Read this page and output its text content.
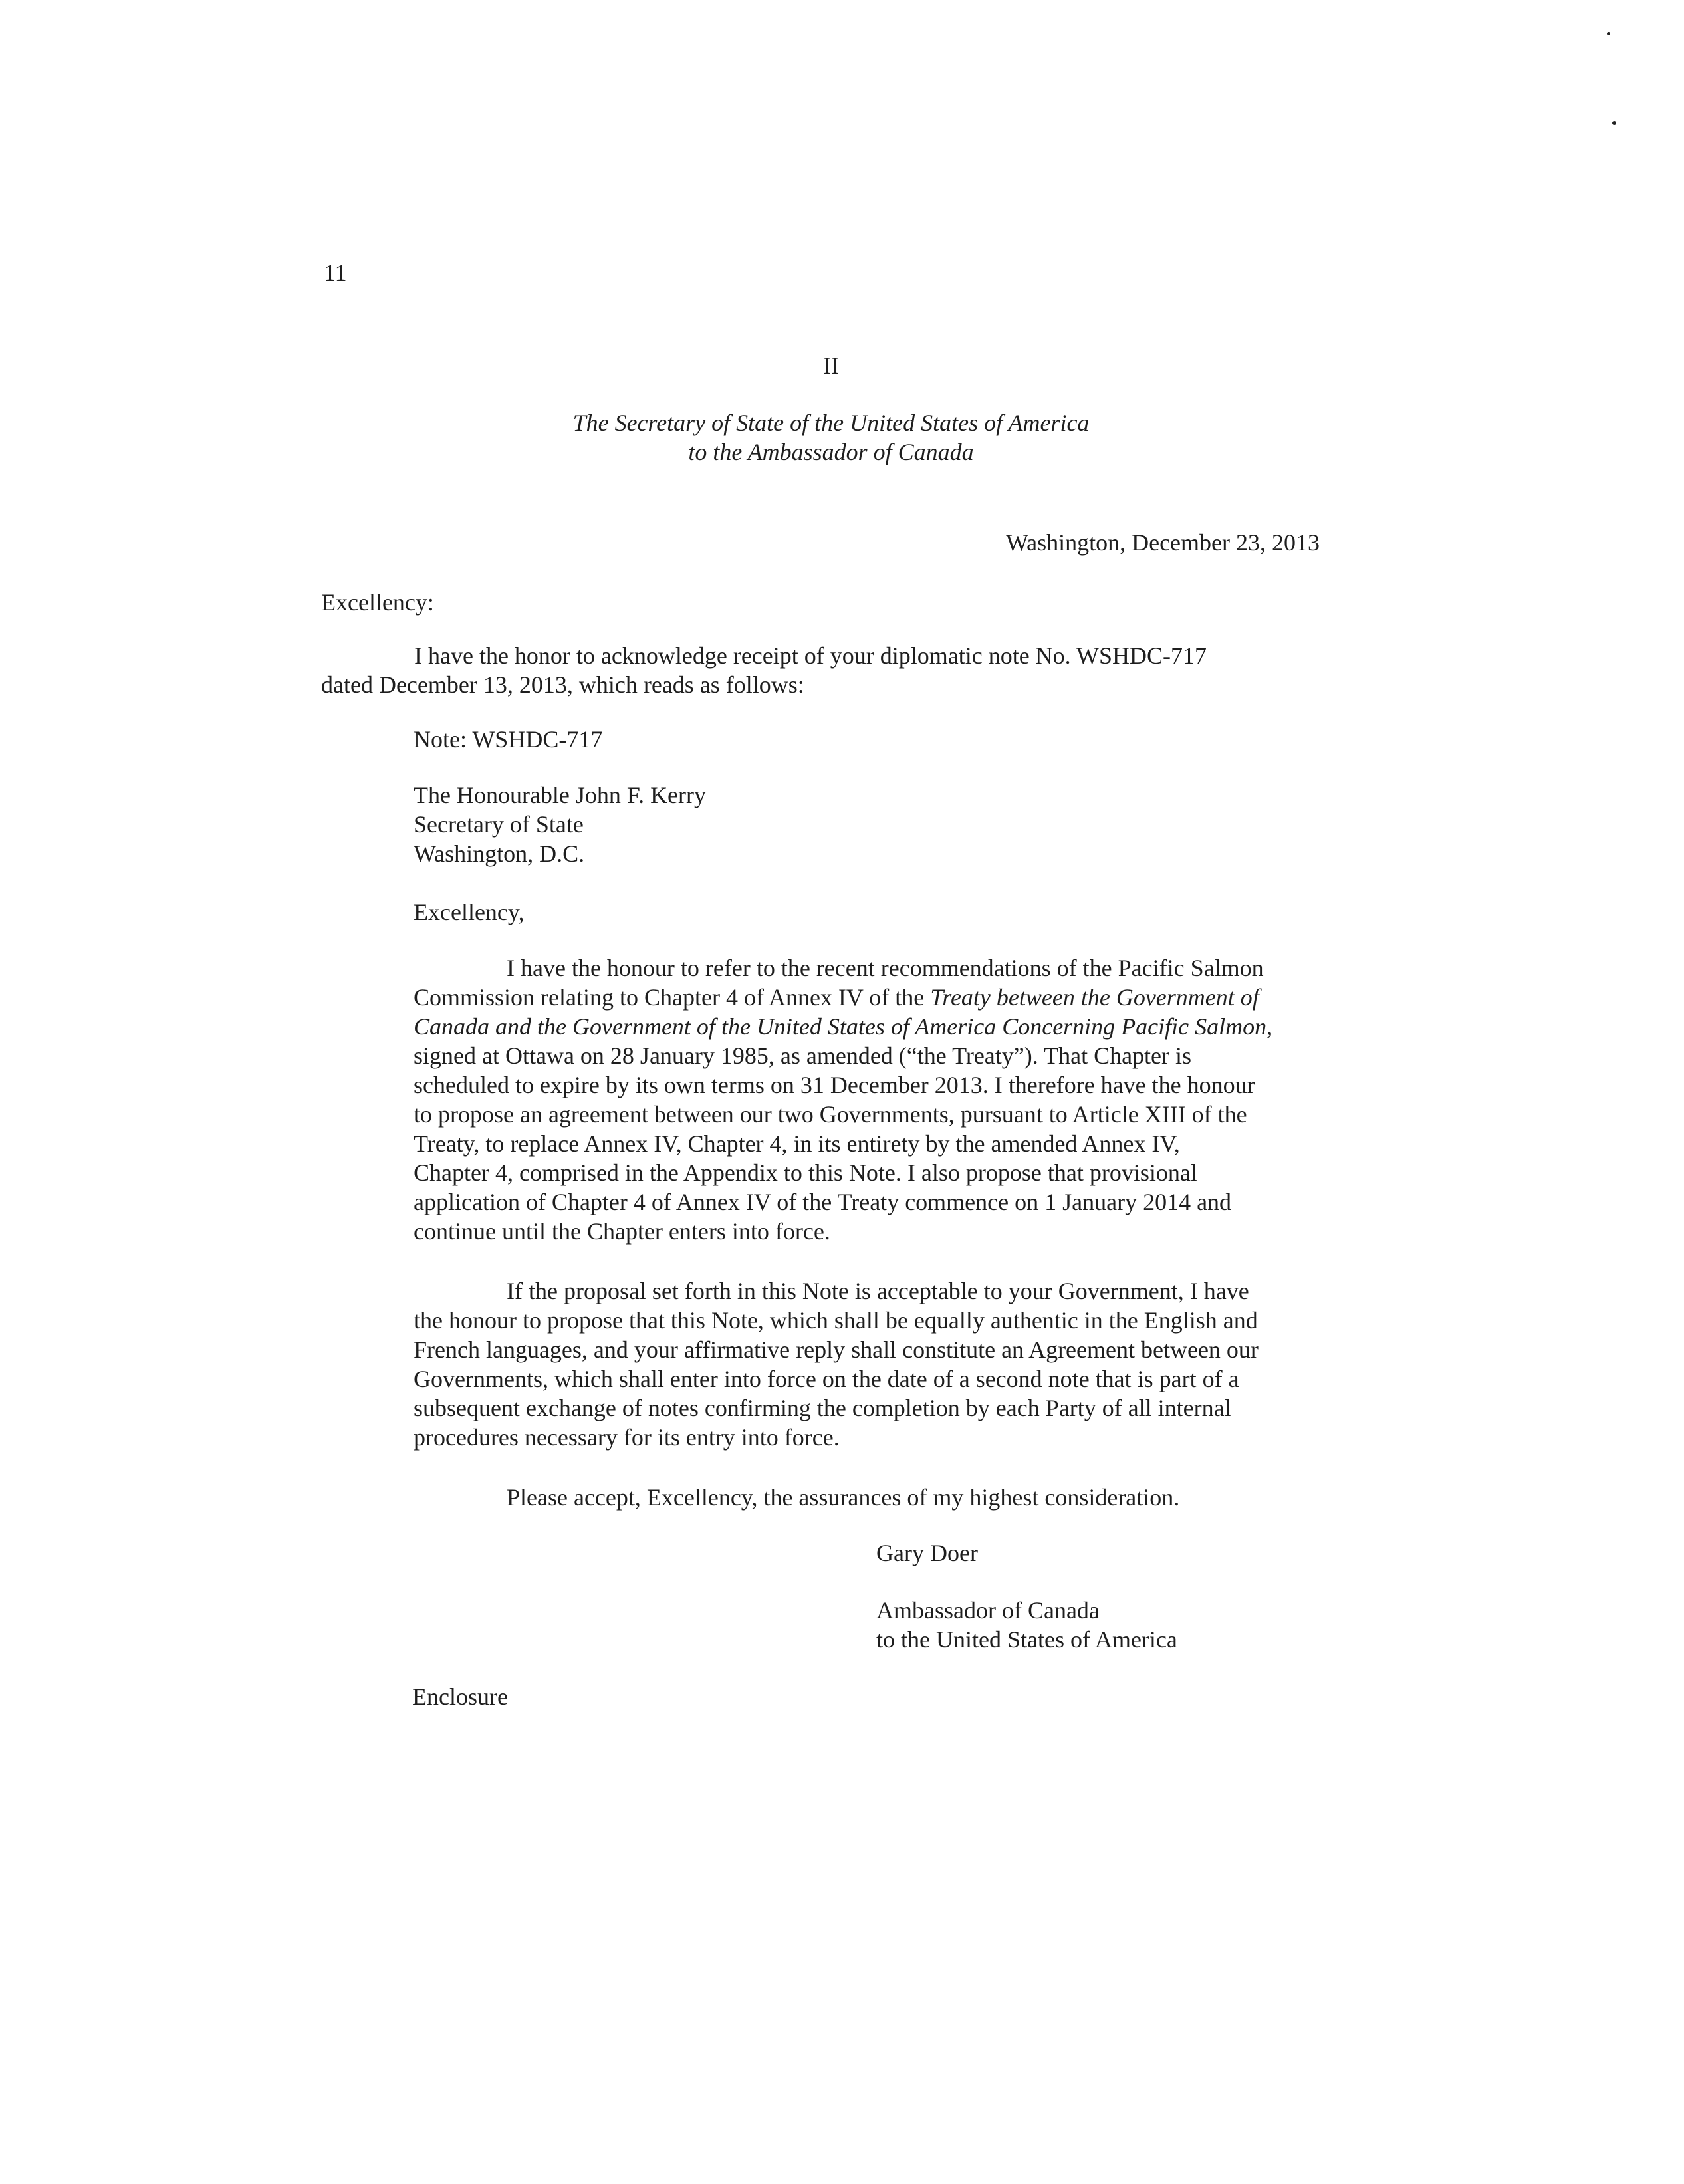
11

II

The Secretary of State of the United States of America
to the Ambassador of Canada

Washington, December 23, 2013

Excellency:

I have the honor to acknowledge receipt of your diplomatic note No. WSHDC-717
dated December 13, 2013, which reads as follows:

Note: WSHDC-717

The Honourable John F. Kerry
Secretary of State
Washington, D.C.

Excellency,

I have the honour to refer to the recent recommendations of the Pacific Salmon
Commission relating to Chapter 4 of Annex IV of the Treaty between the Government of
Canada and the Government of the United States of America Concerning Pacific Salmon,
signed at Ottawa on 28 January 1985, as amended (“the Treaty”). That Chapter is
scheduled to expire by its own terms on 31 December 2013. I therefore have the honour
to propose an agreement between our two Governments, pursuant to Article XIII of the
Treaty, to replace Annex IV, Chapter 4, in its entirety by the amended Annex IV,
Chapter 4, comprised in the Appendix to this Note. I also propose that provisional
application of Chapter 4 of Annex IV of the Treaty commence on 1 January 2014 and
continue until the Chapter enters into force.
If the proposal set forth in this Note is acceptable to your Government, I have
the honour to propose that this Note, which shall be equally authentic in the English and
French languages, and your affirmative reply shall constitute an Agreement between our
Governments, which shall enter into force on the date of a second note that is part of a
subsequent exchange of notes confirming the completion by each Party of all internal
procedures necessary for its entry into force.

Please accept, Excellency, the assurances of my highest consideration.

Gary Doer

Ambassador of Canada
to the United States of America

Enclosure
